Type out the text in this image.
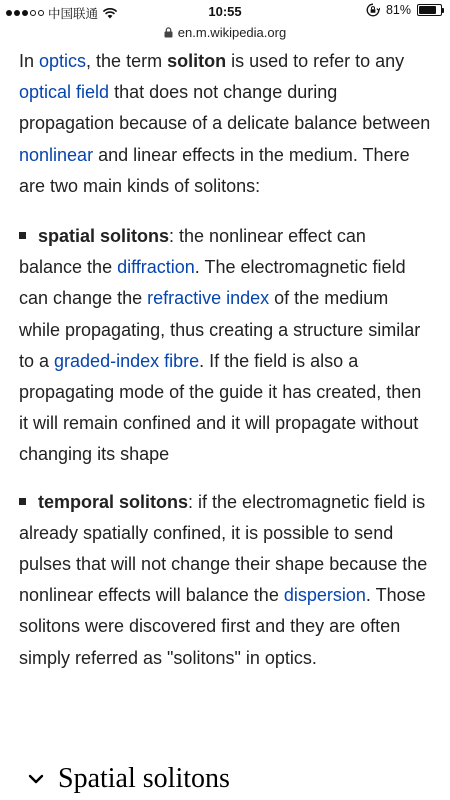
中国联通	10:55	81%
en.m.wikipedia.org

In optics, the term soliton is used to refer to any optical field that does not change during propagation because of a delicate balance between nonlinear and linear effects in the medium. There are two main kinds of solitons:

spatial solitons: the nonlinear effect can balance the diffraction. The electromagnetic field can change the refractive index of the medium while propagating, thus creating a structure similar to a graded-index fibre. If the field is also a propagating mode of the guide it has created, then it will remain confined and it will propagate without changing its shape
temporal solitons: if the electromagnetic field is already spatially confined, it is possible to send pulses that will not change their shape because the nonlinear effects will balance the dispersion. Those solitons were discovered first and they are often simply referred as "solitons" in optics.
Spatial solitons
